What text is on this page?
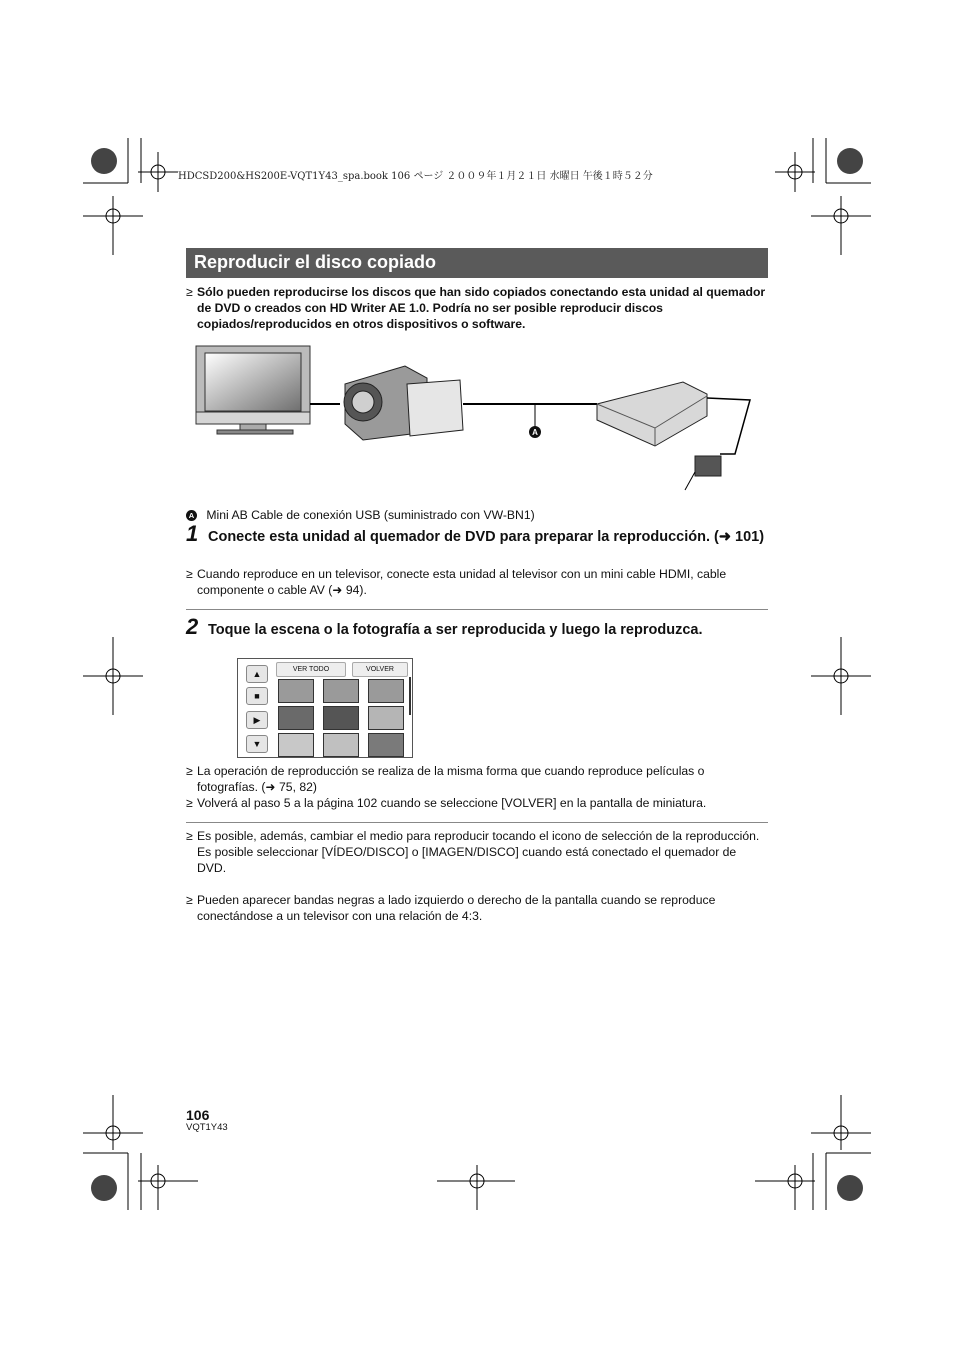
HDCSD200&HS200E-VQT1Y43_spa.book 106 ページ ２００９年１月２１日 水曜日 午後１時５２分
Reproducir el disco copiado
≥ Sólo pueden reproducirse los discos que han sido copiados conectando esta unidad al quemador de DVD o creados con HD Writer AE 1.0. Podría no ser posible reproducir discos copiados/reproducidos en otros dispositivos o software.
A
A Mini AB Cable de conexión USB (suministrado con VW-BN1)
1 Conecte esta unidad al quemador de DVD para preparar la reproducción. (➜ 101)
≥ Cuando reproduce en un televisor, conecte esta unidad al televisor con un mini cable HDMI, cable componente o cable AV (➜ 94).
2 Toque la escena o la fotografía a ser reproducida y luego la reproduzca.
VER TODO	VOLVER
▲
■
▶
▼
≥ La operación de reproducción se realiza de la misma forma que cuando reproduce películas o fotografías. (➜ 75, 82)
≥ Volverá al paso 5 a la página 102 cuando se seleccione [VOLVER] en la pantalla de miniatura.
≥ Es posible, además, cambiar el medio para reproducir tocando el icono de selección de la reproducción.
Es posible seleccionar [VÍDEO/DISCO] o [IMAGEN/DISCO] cuando está conectado el quemador de DVD.
≥ Pueden aparecer bandas negras a lado izquierdo o derecho de la pantalla cuando se reproduce conectándose a un televisor con una relación de 4:3.
106
VQT1Y43
